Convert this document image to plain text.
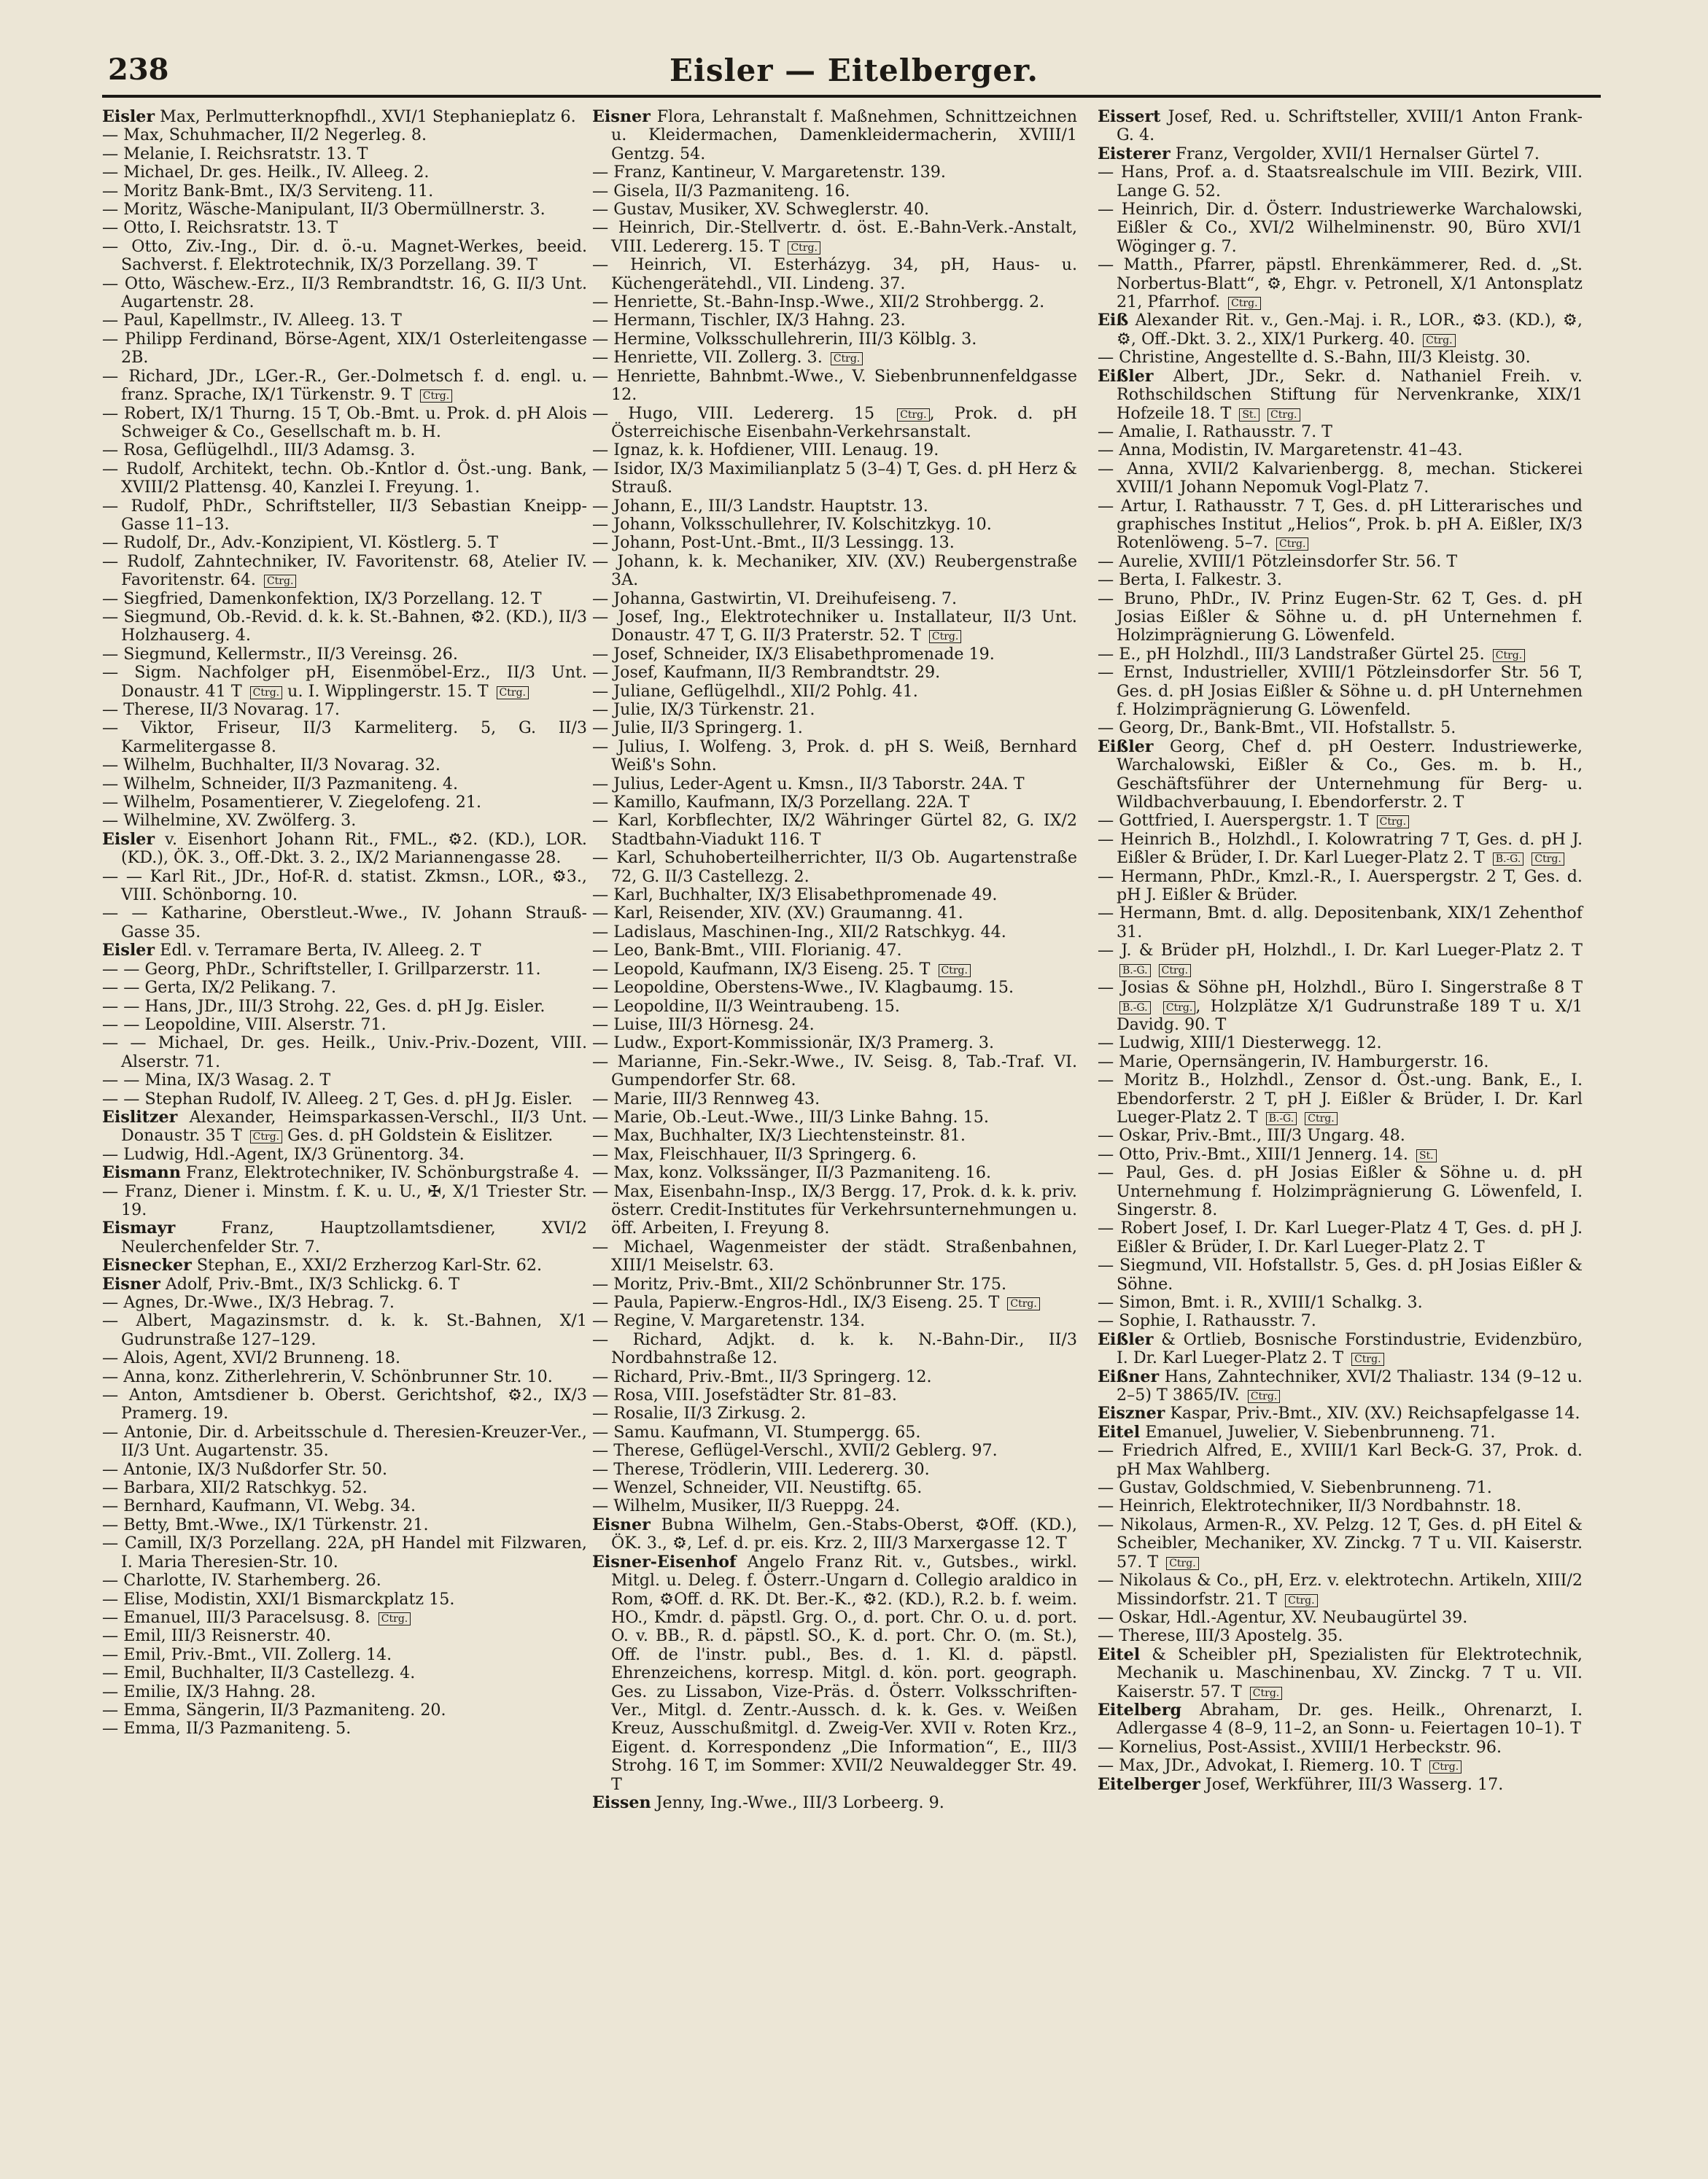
238	Eisler — Eitelberger.
Eisler Max, Perlmutterknopfhdl., XVI/1 Stephanieplatz 6.
— Max, Schuhmacher, II/2 Negerleg. 8.
— Melanie, I. Reichsratstr. 13. T
— Michael, Dr. ges. Heilk., IV. Alleeg. 2.
— Moritz Bank-Bmt., IX/3 Servitenɡ. 11.
— Moritz, Wäsche-Manipulant, II/3 Obermüllnerstr. 3.
— Otto, I. Reichsratstr. 13. T
— Otto, Ziv.-Ing., Dir. d. ö.-u. Magnet-Werkes, beeid. Sachverst. f. Elektrotechnik, IX/3 Porzellang. 39. T
— Otto, Wäschew.-Erz., II/3 Rembrandtstr. 16, G. II/3 Unt. Augartenstr. 28.
— Paul, Kapellmstr., IV. Alleeg. 13. T
— Philipp Ferdinand, Börse-Agent, XIX/1 Osterleitengasse 2B.
— Richard, JDr., LGer.-R., Ger.-Dolmetsch f. d. engl. u. franz. Sprache, IX/1 Türkenstr. 9. T Ctrg.
— Robert, IX/1 Thurng. 15 T, Ob.-Bmt. u. Prok. d. pH Alois Schweiger & Co., Gesellschaft m. b. H.
— Rosa, Geflügelhdl., III/3 Adamsg. 3.
— Rudolf, Architekt, techn. Ob.-Kntlor d. Öst.-ung. Bank, XVIII/2 Plattensg. 40, Kanzlei I. Freyung. 1.
— Rudolf, PhDr., Schriftsteller, II/3 Sebastian Kneipp-Gasse 11–13.
— Rudolf, Dr., Adv.-Konzipient, VI. Köstlerg. 5. T
— Rudolf, Zahntechniker, IV. Favoritenstr. 68, Atelier IV. Favoritenstr. 64. Ctrg.
— Siegfried, Damenkonfektion, IX/3 Porzellang. 12. T
— Siegmund, Ob.-Revid. d. k. k. St.-Bahnen, ⚙2. (KD.), II/3 Holzhauserg. 4.
— Siegmund, Kellermstr., II/3 Vereinsg. 26.
— Sigm. Nachfolger pH, Eisenmöbel-Erz., II/3 Unt. Donaustr. 41 T Ctrg. u. I. Wipplingerstr. 15. T Ctrg.
— Therese, II/3 Novarag. 17.
— Viktor, Friseur, II/3 Karmeliterg. 5, G. II/3 Karmelitergasse 8.
— Wilhelm, Buchhalter, II/3 Novarag. 32.
— Wilhelm, Schneider, II/3 Pazmaniteng. 4.
— Wilhelm, Posamentierer, V. Ziegelofeng. 21.
— Wilhelmine, XV. Zwölferg. 3.
Eisler v. Eisenhort Johann Rit., FML., ⚙2. (KD.), LOR. (KD.), ÖK. 3., Off.-Dkt. 3. 2., IX/2 Mariannengasse 28.
— — Karl Rit., JDr., Hof-R. d. statist. Zkmsn., LOR., ⚙3., VIII. Schönborng. 10.
— — Katharine, Oberstleut.-Wwe., IV. Johann Strauß-Gasse 35.
Eisler Edl. v. Terramare Berta, IV. Alleeg. 2. T
— — Georg, PhDr., Schriftsteller, I. Grillparzerstr. 11.
— — Gerta, IX/2 Pelikang. 7.
— — Hans, JDr., III/3 Strohg. 22, Ges. d. pH Jg. Eisler.
— — Leopoldine, VIII. Alserstr. 71.
— — Michael, Dr. ges. Heilk., Univ.-Priv.-Dozent, VIII. Alserstr. 71.
— — Mina, IX/3 Wasag. 2. T
— — Stephan Rudolf, IV. Alleeg. 2 T, Ges. d. pH Jg. Eisler.
Eislitzer Alexander, Heimsparkassen-Verschl., II/3 Unt. Donaustr. 35 T Ctrg. Ges. d. pH Goldstein & Eislitzer.
— Ludwig, Hdl.-Agent, IX/3 Grünentorg. 34.
Eismann Franz, Elektrotechniker, IV. Schönburgstraße 4.
— Franz, Diener i. Minstm. f. K. u. U., ✠, X/1 Triester Str. 19.
Eismayr Franz, Hauptzollamtsdiener, XVI/2 Neulerchenfelder Str. 7.
Eisnecker Stephan, E., XXI/2 Erzherzog Karl-Str. 62.
Eisner Adolf, Priv.-Bmt., IX/3 Schlickg. 6. T
— Agnes, Dr.-Wwe., IX/3 Hebrag. 7.
— Albert, Magazinsmstr. d. k. k. St.-Bahnen, X/1 Gudrunstraße 127–129.
— Alois, Agent, XVI/2 Brunneng. 18.
— Anna, konz. Zitherlehrerin, V. Schönbrunner Str. 10.
— Anton, Amtsdiener b. Oberst. Gerichtshof, ⚙2., IX/3 Pramerg. 19.
— Antonie, Dir. d. Arbeitsschule d. Theresien-Kreuzer-Ver., II/3 Unt. Augartenstr. 35.
— Antonie, IX/3 Nußdorfer Str. 50.
— Barbara, XII/2 Ratschkyg. 52.
— Bernhard, Kaufmann, VI. Webg. 34.
— Betty, Bmt.-Wwe., IX/1 Türkenstr. 21.
— Camill, IX/3 Porzellang. 22A, pH Handel mit Filzwaren, I. Maria Theresien-Str. 10.
— Charlotte, IV. Starhemberg. 26.
— Elise, Modistin, XXI/1 Bismarckplatz 15.
— Emanuel, III/3 Paracelsusg. 8. Ctrg.
— Emil, III/3 Reisnerstr. 40.
— Emil, Priv.-Bmt., VII. Zollerg. 14.
— Emil, Buchhalter, II/3 Castellezg. 4.
— Emilie, IX/3 Hahng. 28.
— Emma, Sängerin, II/3 Pazmaniteng. 20.
— Emma, II/3 Pazmaniteng. 5.
Eisner Flora, Lehranstalt f. Maßnehmen, Schnittzeichnen u. Kleidermachen, Damenkleidermacherin, XVIII/1 Gentzg. 54.
— Franz, Kantineur, V. Margaretenstr. 139.
— Gisela, II/3 Pazmaniteng. 16.
— Gustav, Musiker, XV. Schweglerstr. 40.
— Heinrich, Dir.-Stellvertr. d. öst. E.-Bahn-Verk.-Anstalt, VIII. Ledererg. 15. T Ctrg.
— Heinrich, VI. Esterházyg. 34, pH, Haus- u. Küchengerätehdl., VII. Lindeng. 37.
— Henriette, St.-Bahn-Insp.-Wwe., XII/2 Strohbergg. 2.
— Hermann, Tischler, IX/3 Hahng. 23.
— Hermine, Volksschullehrerin, III/3 Kölblg. 3.
— Henriette, VII. Zollerg. 3. Ctrg.
— Henriette, Bahnbmt.-Wwe., V. Siebenbrunnenfeldgasse 12.
— Hugo, VIII. Ledererg. 15 Ctrg. , Prok. d. pH Österreichische Eisenbahn-Verkehrsanstalt.
— Ignaz, k. k. Hofdiener, VIII. Lenaug. 19.
— Isidor, IX/3 Maximilianplatz 5 (3–4) T, Ges. d. pH Herz & Strauß.
— Johann, E., III/3 Landstr. Hauptstr. 13.
— Johann, Volksschullehrer, IV. Kolschitzkyg. 10.
— Johann, Post-Unt.-Bmt., II/3 Lessingg. 13.
— Johann, k. k. Mechaniker, XIV. (XV.) Reubergenstraße 3A.
— Johanna, Gastwirtin, VI. Dreihufeiseng. 7.
— Josef, Ing., Elektrotechniker u. Installateur, II/3 Unt. Donaustr. 47 T, G. II/3 Praterstr. 52. T Ctrg.
— Josef, Schneider, IX/3 Elisabethpromenade 19.
— Josef, Kaufmann, II/3 Rembrandtstr. 29.
— Juliane, Geflügelhdl., XII/2 Pohlg. 41.
— Julie, IX/3 Türkenstr. 21.
— Julie, II/3 Springerg. 1.
— Julius, I. Wolfeng. 3, Prok. d. pH S. Weiß, Bernhard Weiß's Sohn.
— Julius, Leder-Agent u. Kmsn., II/3 Taborstr. 24A. T
— Kamillo, Kaufmann, IX/3 Porzellang. 22A. T
— Karl, Korbflechter, IX/2 Währinger Gürtel 82, G. IX/2 Stadtbahn-Viadukt 116. T
— Karl, Schuhoberteilherrichter, II/3 Ob. Augartenstraße 72, G. II/3 Castellezg. 2.
— Karl, Buchhalter, IX/3 Elisabethpromenade 49.
— Karl, Reisender, XIV. (XV.) Graumanng. 41.
— Ladislaus, Maschinen-Ing., XII/2 Ratschkyg. 44.
— Leo, Bank-Bmt., VIII. Florianig. 47.
— Leopold, Kaufmann, IX/3 Eiseng. 25. T Ctrg.
— Leopoldine, Oberstens-Wwe., IV. Klagbaumg. 15.
— Leopoldine, II/3 Weintraubeng. 15.
— Luise, III/3 Hörnesg. 24.
— Ludw., Export-Kommissionär, IX/3 Pramerg. 3.
— Marianne, Fin.-Sekr.-Wwe., IV. Seisg. 8, Tab.-Traf. VI. Gumpendorfer Str. 68.
— Marie, III/3 Rennweg 43.
— Marie, Ob.-Leut.-Wwe., III/3 Linke Bahng. 15.
— Max, Buchhalter, IX/3 Liechtensteinstr. 81.
— Max, Fleischhauer, II/3 Springerg. 6.
— Max, konz. Volkssänger, II/3 Pazmaniteng. 16.
— Max, Eisenbahn-Insp., IX/3 Bergg. 17, Prok. d. k. k. priv. österr. Credit-Institutes für Verkehrsunternehmungen u. öff. Arbeiten, I. Freyung 8.
— Michael, Wagenmeister der städt. Straßenbahnen, XIII/1 Meiselstr. 63.
— Moritz, Priv.-Bmt., XII/2 Schönbrunner Str. 175.
— Paula, Papierw.-Engros-Hdl., IX/3 Eiseng. 25. T Ctrg.
— Regine, V. Margaretenstr. 134.
— Richard, Adjkt. d. k. k. N.-Bahn-Dir., II/3 Nordbahnstraße 12.
— Richard, Priv.-Bmt., II/3 Springerg. 12.
— Rosa, VIII. Josefstädter Str. 81–83.
— Rosalie, II/3 Zirkusg. 2.
— Samu. Kaufmann, VI. Stumpergg. 65.
— Therese, Geflügel-Verschl., XVII/2 Geblerg. 97.
— Therese, Trödlerin, VIII. Ledererg. 30.
— Wenzel, Schneider, VII. Neustiftg. 65.
— Wilhelm, Musiker, II/3 Rueppg. 24.
Eisner Bubna Wilhelm, Gen.-Stabs-Oberst, ⚙Off. (KD.), ÖK. 3., ⚙, Lef. d. pr. eis. Krz. 2, III/3 Marxergasse 12. T
Eisner-Eisenhof Angelo Franz Rit. v., Gutsbes., wirkl. Mitgl. u. Deleg. f. Österr.-Ungarn d. Collegio araldico in Rom, ⚙Off. d. RK. Dt. Ber.-K., ⚙2. (KD.), R.2. b. f. weim. HO., Kmdr. d. päpstl. Grg. O., d. port. Chr. O. u. d. port. O. v. BB., R. d. päpstl. SO., K. d. port. Chr. O. (m. St.), Off. de l'instr. publ., Bes. d. 1. Kl. d. päpstl. Ehrenzeichens, korresp. Mitgl. d. kön. port. geograph. Ges. zu Lissabon, Vize-Präs. d. Österr. Volksschriften-Ver., Mitgl. d. Zentr.-Aussch. d. k. k. Ges. v. Weißen Kreuz, Ausschußmitgl. d. Zweig-Ver. XVII v. Roten Krz., Eigent. d. Korrespondenz „Die Information“, E., III/3 Strohg. 16 T, im Sommer: XVII/2 Neuwaldegger Str. 49. T
Eissen Jenny, Ing.-Wwe., III/3 Lorbeerg. 9.
Eissert Josef, Red. u. Schriftsteller, XVIII/1 Anton Frank-G. 4.
Eisterer Franz, Vergolder, XVII/1 Hernalser Gürtel 7.
— Hans, Prof. a. d. Staatsrealschule im VIII. Bezirk, VIII. Lange G. 52.
— Heinrich, Dir. d. Österr. Industriewerke Warchalowski, Eißler & Co., XVI/2 Wilhelminenstr. 90, Büro XVI/1 Wöginger g. 7.
— Matth., Pfarrer, päpstl. Ehrenkämmerer, Red. d. „St. Norbertus-Blatt“, ⚙, Ehgr. v. Petronell, X/1 Antonsplatz 21, Pfarrhof. Ctrg.
Eiß Alexander Rit. v., Gen.-Maj. i. R., LOR., ⚙3. (KD.), ⚙, ⚙, Off.-Dkt. 3. 2., XIX/1 Purkerg. 40. Ctrg.
— Christine, Angestellte d. S.-Bahn, III/3 Kleistg. 30.
Eißler Albert, JDr., Sekr. d. Nathaniel Freih. v. Rothschildschen Stiftung für Nervenkranke, XIX/1 Hofzeile 18. T St. Ctrg.
— Amalie, I. Rathausstr. 7. T
— Anna, Modistin, IV. Margaretenstr. 41–43.
— Anna, XVII/2 Kalvarienbergg. 8, mechan. Stickerei XVIII/1 Johann Nepomuk Vogl-Platz 7.
— Artur, I. Rathausstr. 7 T, Ges. d. pH Litterarisches und graphisches Institut „Helios“, Prok. b. pH A. Eißler, IX/3 Rotenlöweng. 5–7. Ctrg.
— Aurelie, XVIII/1 Pötzleinsdorfer Str. 56. T
— Berta, I. Falkestr. 3.
— Bruno, PhDr., IV. Prinz Eugen-Str. 62 T, Ges. d. pH Josias Eißler & Söhne u. d. pH Unternehmen f. Holzimprägnierung G. Löwenfeld.
— E., pH Holzhdl., III/3 Landstraßer Gürtel 25. Ctrg.
— Ernst, Industrieller, XVIII/1 Pötzleinsdorfer Str. 56 T, Ges. d. pH Josias Eißler & Söhne u. d. pH Unternehmen f. Holzimprägnierung G. Löwenfeld.
— Georg, Dr., Bank-Bmt., VII. Hofstallstr. 5.
Eißler Georg, Chef d. pH Oesterr. Industriewerke, Warchalowski, Eißler & Co., Ges. m. b. H., Geschäftsführer der Unternehmung für Berg- u. Wildbachverbauung, I. Ebendorferstr. 2. T
— Gottfried, I. Auerspergstr. 1. T Ctrg.
— Heinrich B., Holzhdl., I. Kolowratring 7 T, Ges. d. pH J. Eißler & Brüder, I. Dr. Karl Lueger-Platz 2. T B.-G. Ctrg.
— Hermann, PhDr., Kmzl.-R., I. Auerspergstr. 2 T, Ges. d. pH J. Eißler & Brüder.
— Hermann, Bmt. d. allg. Depositenbank, XIX/1 Zehenthof 31.
— J. & Brüder pH, Holzhdl., I. Dr. Karl Lueger-Platz 2. T B.-G. Ctrg.
— Josias & Söhne pH, Holzhdl., Büro I. Singerstraße 8 T B.-G. Ctrg. , Holzplätze X/1 Gudrunstraße 189 T u. X/1 Davidg. 90. T
— Ludwig, XIII/1 Diesterwegg. 12.
— Marie, Opernsängerin, IV. Hamburgerstr. 16.
— Moritz B., Holzhdl., Zensor d. Öst.-ung. Bank, E., I. Ebendorferstr. 2 T, pH J. Eißler & Brüder, I. Dr. Karl Lueger-Platz 2. T B.-G. Ctrg.
— Oskar, Priv.-Bmt., III/3 Ungarg. 48.
— Otto, Priv.-Bmt., XIII/1 Jennerg. 14. St.
— Paul, Ges. d. pH Josias Eißler & Söhne u. d. pH Unternehmung f. Holzimprägnierung G. Löwenfeld, I. Singerstr. 8.
— Robert Josef, I. Dr. Karl Lueger-Platz 4 T, Ges. d. pH J. Eißler & Brüder, I. Dr. Karl Lueger-Platz 2. T
— Siegmund, VII. Hofstallstr. 5, Ges. d. pH Josias Eißler & Söhne.
— Simon, Bmt. i. R., XVIII/1 Schalkg. 3.
— Sophie, I. Rathausstr. 7.
Eißler & Ortlieb, Bosnische Forstindustrie, Evidenzbüro, I. Dr. Karl Lueger-Platz 2. T Ctrg.
Eißner Hans, Zahntechniker, XVI/2 Thaliastr. 134 (9–12 u. 2–5) T 3865/IV. Ctrg.
Eiszner Kaspar, Priv.-Bmt., XIV. (XV.) Reichsapfelgasse 14.
Eitel Emanuel, Juwelier, V. Siebenbrunneng. 71.
— Friedrich Alfred, E., XVIII/1 Karl Beck-G. 37, Prok. d. pH Max Wahlberg.
— Gustav, Goldschmied, V. Siebenbrunneng. 71.
— Heinrich, Elektrotechniker, II/3 Nordbahnstr. 18.
— Nikolaus, Armen-R., XV. Pelzg. 12 T, Ges. d. pH Eitel & Scheibler, Mechaniker, XV. Zinckg. 7 T u. VII. Kaiserstr. 57. T Ctrg.
— Nikolaus & Co., pH, Erz. v. elektrotechn. Artikeln, XIII/2 Missindorfstr. 21. T Ctrg.
— Oskar, Hdl.-Agentur, XV. Neubaugürtel 39.
— Therese, III/3 Apostelg. 35.
Eitel & Scheibler pH, Spezialisten für Elektrotechnik, Mechanik u. Maschinenbau, XV. Zinckg. 7 T u. VII. Kaiserstr. 57. T Ctrg.
Eitelberg Abraham, Dr. ges. Heilk., Ohrenarzt, I. Adlergasse 4 (8–9, 11–2, an Sonn- u. Feiertagen 10–1). T
— Kornelius, Post-Assist., XVIII/1 Herbeckstr. 96.
— Max, JDr., Advokat, I. Riemerg. 10. T Ctrg.
Eitelberger Josef, Werkführer, III/3 Wasserg. 17.
